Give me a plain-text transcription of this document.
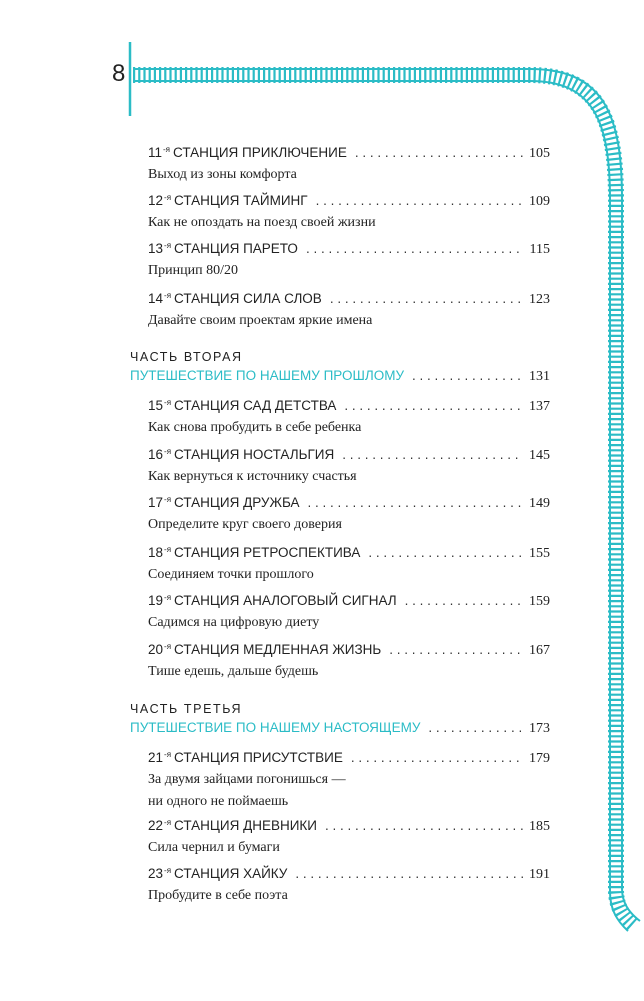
8
11 -я СТАНЦИЯ ПРИКЛЮЧЕНИЕ . . .	105
Выход из зоны комфорта
12 -я СТАНЦИЯ ТАЙМИНГ . . .	109
Как не опоздать на поезд своей жизни
13 -я СТАНЦИЯ ПАРЕТО . . .	115
Принцип 80/20
14 -я СТАНЦИЯ СИЛА СЛОВ . . .	123
Давайте своим проектам яркие имена
ЧАСТЬ ВТОРАЯ
ПУТЕШЕСТВИЕ ПО НАШЕМУ ПРОШЛОМУ . . .	131
15 -я СТАНЦИЯ САД ДЕТСТВА . . .	137
Как снова пробудить в себе ребенка
16 -я СТАНЦИЯ НОСТАЛЬГИЯ . . .	145
Как вернуться к источнику счастья
17 -я СТАНЦИЯ ДРУЖБА . . .	149
Определите круг своего доверия
18 -я СТАНЦИЯ РЕТРОСПЕКТИВА . . .	155
Соединяем точки прошлого
19 -я СТАНЦИЯ АНАЛОГОВЫЙ СИГНАЛ . . .	159
Садимся на цифровую диету
20 -я СТАНЦИЯ МЕДЛЕННАЯ ЖИЗНЬ . . .	167
Тише едешь, дальше будешь
ЧАСТЬ ТРЕТЬЯ
ПУТЕШЕСТВИЕ ПО НАШЕМУ НАСТОЯЩЕМУ . . .	173
21 -я СТАНЦИЯ ПРИСУТСТВИЕ . . .	179
За двумя зайцами погонишься —
ни одного не поймаешь
22 -я СТАНЦИЯ ДНЕВНИКИ . . .	185
Сила чернил и бумаги
23 -я СТАНЦИЯ ХАЙКУ . . .	191
Пробудите в себе поэта
